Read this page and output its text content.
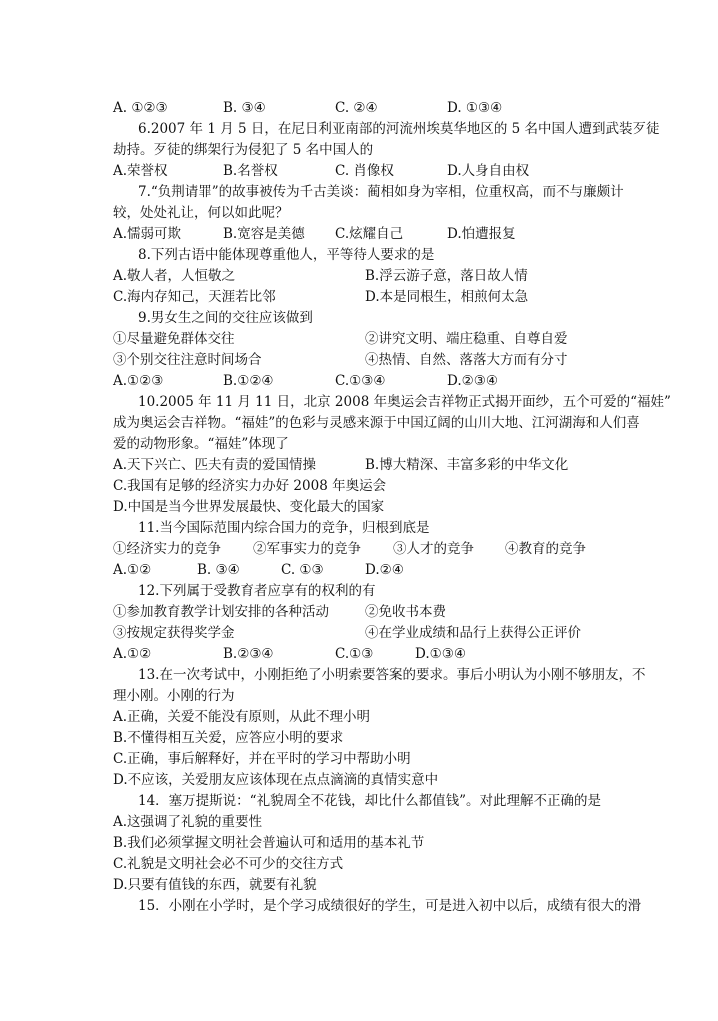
A. ①②③	B. ③④	C. ②④	D. ①③④
6.2007 年 1 月 5 日，在尼日利亚南部的河流州埃莫华地区的 5 名中国人遭到武装歹徒
劫持。歹徒的绑架行为侵犯了 5 名中国人的
A.荣誉权	B.名誉权	C. 肖像权	D.人身自由权
7.“负荆请罪”的故事被传为千古美谈：蔺相如身为宰相，位重权高，而不与廉颇计
较，处处礼让，何以如此呢？
A.懦弱可欺	B.宽容是美德 C.炫耀自己	D.怕遭报复
8.下列古语中能体现尊重他人，平等待人要求的是
A.敬人者，人恒敬之	B.浮云游子意，落日故人情
C.海内存知己，天涯若比邻	D.本是同根生，相煎何太急
9.男女生之间的交往应该做到
①尽量避免群体交往	②讲究文明、端庄稳重、自尊自爱
③个别交往注意时间场合	④热情、自然、落落大方而有分寸
A.①②③	B.①②④	C.①③④	D.②③④
10.2005 年 11 月 11 日，北京 2008 年奥运会吉祥物正式揭开面纱，五个可爱的“福娃”
成为奥运会吉祥物。“福娃”的色彩与灵感来源于中国辽阔的山川大地、江河湖海和人们喜
爱的动物形象。“福娃”体现了
A.天下兴亡、匹夫有责的爱国情操	B.博大精深、丰富多彩的中华文化
C.我国有足够的经济实力办好 2008 年奥运会
D.中国是当今世界发展最快、变化最大的国家
11.当今国际范围内综合国力的竞争，归根到底是
①经济实力的竞争 ②军事实力的竞争 ③人才的竞争 ④教育的竞争
A.①②	B. ③④	C. ①③	D.②④
12.下列属于受教育者应享有的权利的有
①参加教育教学计划安排的各种活动	②免收书本费
③按规定获得奖学金	④在学业成绩和品行上获得公正评价
A.①②	B.②③④	C.①③	D.①③④
13.在一次考试中，小刚拒绝了小明索要答案的要求。事后小明认为小刚不够朋友，不
理小刚。小刚的行为
A.正确，关爱不能没有原则，从此不理小明
B.不懂得相互关爱，应答应小明的要求
C.正确，事后解释好，并在平时的学习中帮助小明
D.不应该，关爱朋友应该体现在点点滴滴的真情实意中
14．塞万提斯说：“礼貌周全不花钱，却比什么都值钱”。对此理解不正确的是
A.这强调了礼貌的重要性
B.我们必须掌握文明社会普遍认可和适用的基本礼节
C.礼貌是文明社会必不可少的交往方式
D.只要有值钱的东西，就要有礼貌
15．小刚在小学时，是个学习成绩很好的学生，可是进入初中以后，成绩有很大的滑
